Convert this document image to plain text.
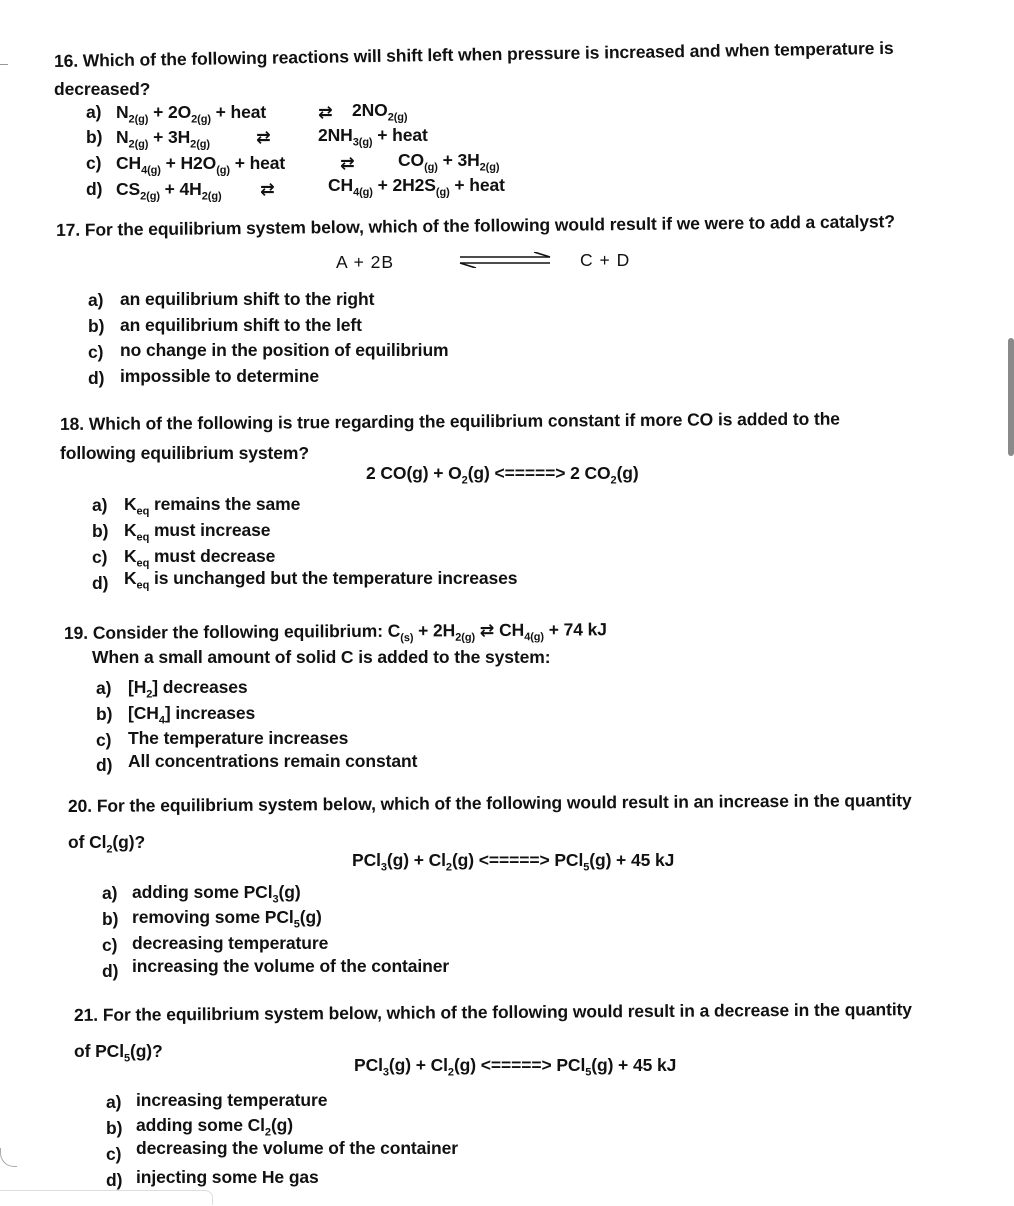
16. Which of the following reactions will shift left when pressure is increased and when temperature is
decreased?
a) $N_{2(g)} + 2O_{2(g)}$ + heat	⇄ $2NO_{2(g)}$
b) $N_{2(g)} + 3H_{2(g)}$	⇄	$2NH_{3(g)}$ + heat
c) $CH_{4(g)} + H2O_{(g)}$ + heat	⇄ $CO_{(g)} + 3H_{2(g)}$
d) $CS_{2(g)} + 4H_{2(g)}$ ⇄	$CH_{4(g)} + 2H2S_{(g)}$ + heat
17. For the equilibrium system below, which of the following would result if we were to add a catalyst?
A + 2B	C + D
a) an equilibrium shift to the right
b) an equilibrium shift to the left
c) no change in the position of equilibrium
d) impossible to determine
18. Which of the following is true regarding the equilibrium constant if more CO is added to the
following equilibrium system?
2 $CO(g) + O_2(g)$ <=====> 2 $CO_2(g)$
a) $K_{eq}$ remains the same
b) $K_{eq}$ must increase
c) $K_{eq}$ must decrease
d) $K_{eq}$ is unchanged but the temperature increases
19. Consider the following equilibrium: $C_{(s)} + 2H_{2(g)}$ ⇄ $CH_{4(g)} + 74$ kJ
When a small amount of solid C is added to the system:
a) $[H_2]$ decreases
b) $[CH_4]$ increases
c) The temperature increases
d) All concentrations remain constant
20. For the equilibrium system below, which of the following would result in an increase in the quantity
of $Cl_2(g)$?
$PCl_3(g) + Cl_2(g)$ <=====> PCl$_5$(g) + 45 kJ
a) adding some PCl$_3$(g)
b) removing some PCl$_5$(g)
c) decreasing temperature
d) increasing the volume of the container
21. For the equilibrium system below, which of the following would result in a decrease in the quantity
of PCl$_5$(g)?
$PCl_3(g) + Cl_2(g)$ <=====> PCl$_5$(g) + 45 kJ
a) increasing temperature
b) adding some $Cl_2(g)$
c) decreasing the volume of the container
d) injecting some He gas
